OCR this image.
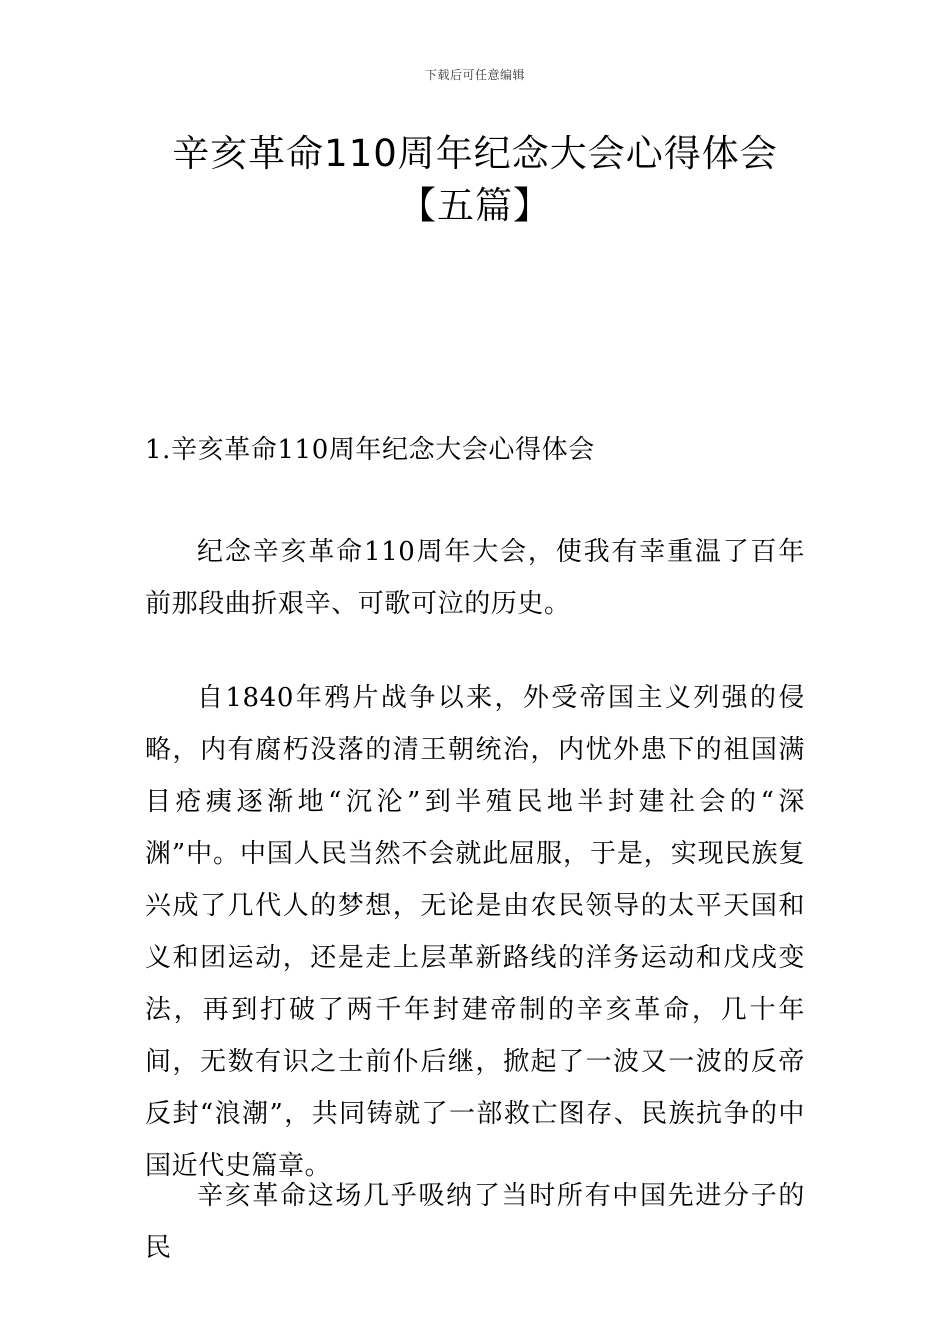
下载后可任意编辑
辛亥革命110周年纪念大会心得体会【五篇】
1.辛亥革命110周年纪念大会心得体会

纪念辛亥革命110周年大会，使我有幸重温了百年前那段曲折艰辛、可歌可泣的历史。

自1840年鸦片战争以来，外受帝国主义列强的侵略，内有腐朽没落的清王朝统治，内忧外患下的祖国满目疮痍逐渐地“沉沦”到半殖民地半封建社会的“深渊”中。中国人民当然不会就此屈服，于是，实现民族复兴成了几代人的梦想，无论是由农民领导的太平天国和义和团运动，还是走上层革新路线的洋务运动和戊戌变法，再到打破了两千年封建帝制的辛亥革命，几十年间，无数有识之士前仆后继，掀起了一波又一波的反帝反封“浪潮”，共同铸就了一部救亡图存、民族抗争的中国近代史篇章。

辛亥革命这场几乎吸纳了当时所有中国先进分子的民
